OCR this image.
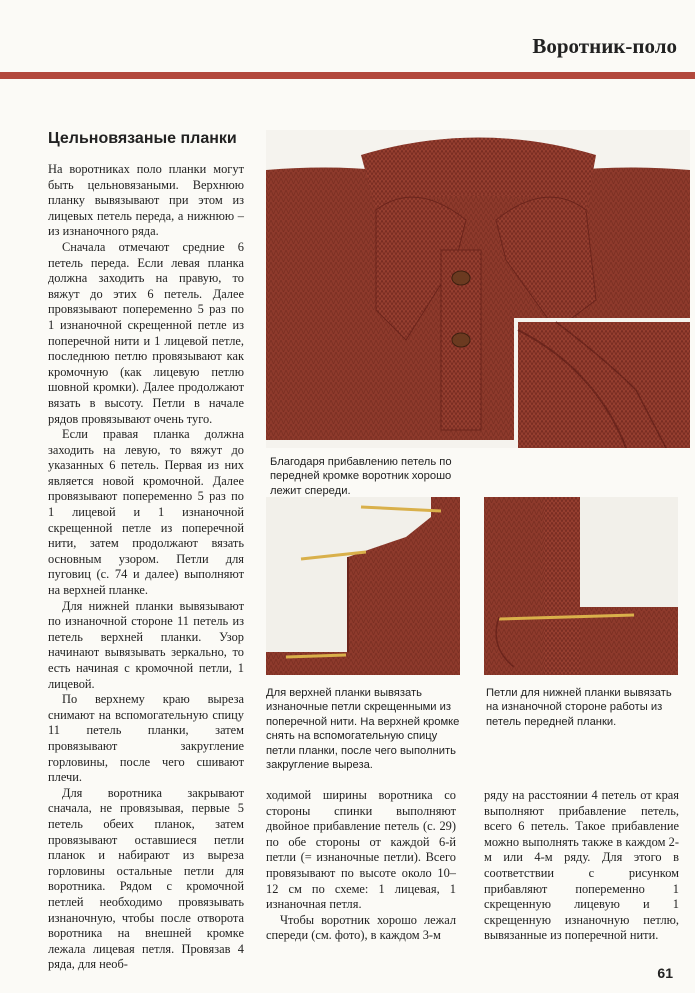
Воротник-поло
Цельновязаные планки

На воротниках поло планки могут быть цельновязаными. Верхнюю планку вывязывают при этом из лицевых петель переда, а нижнюю – из изнаночного ряда.

Сначала отмечают средние 6 петель переда. Если левая планка должна заходить на правую, то вяжут до этих 6 петель. Далее провязывают попеременно 5 раз по 1 изнаночной скрещенной петле из поперечной нити и 1 лицевой петле, последнюю петлю провязывают как кромочную (как лицевую петлю шовной кромки). Далее продолжают вязать в высоту. Петли в начале рядов провязывают очень туго.

Если правая планка должна заходить на левую, то вяжут до указанных 6 петель. Первая из них является новой кромочной. Далее провязывают попеременно 5 раз по 1 лицевой и 1 изнаночной скрещенной петле из поперечной нити, затем продолжают вязать основным узором. Петли для пуговиц (с. 74 и далее) выполняют на верхней планке.

Для нижней планки вывязывают по изнаночной стороне 11 петель из петель верхней планки. Узор начинают вывязывать зеркально, то есть начиная с кромочной петли, 1 лицевой.

По верхнему краю выреза снимают на вспомогательную спицу 11 петель планки, затем провязывают закругление горловины, после чего сшивают плечи.

Для воротника закрывают сначала, не провязывая, первые 5 петель обеих планок, затем провязывают оставшиеся петли планок и набирают из выреза горловины остальные петли для воротника. Рядом с кромочной петлей необходимо провязывать изнаночную, чтобы после отворота воротника на внешней кромке лежала лицевая петля. Провязав 4 ряда, для необ-

Благодаря прибавлению петель по передней кромке воротник хорошо лежит спереди.
Для верхней планки вывязать изнаночные петли скрещенными из поперечной нити. На верхней кромке снять на вспомогательную спицу петли планки, после чего выполнить закругление выреза.
Петли для нижней планки вывязать на изнаночной стороне работы из петель передней планки.

ходимой ширины воротника со стороны спинки выполняют двойное прибавление петель (с. 29) по обе стороны от каждой 6-й петли (= изнаночные петли). Всего провязывают по высоте около 10–12 см по схеме: 1 лицевая, 1 изнаночная петля.

Чтобы воротник хорошо лежал спереди (см. фото), в каждом 3-м

ряду на расстоянии 4 петель от края выполняют прибавление петель, всего 6 петель. Такое прибавление можно выполнять также в каждом 2-м или 4-м ряду. Для этого в соответствии с рисунком прибавляют попеременно 1 скрещенную лицевую и 1 скрещенную изнаночную петлю, вывязанные из поперечной нити.

61
